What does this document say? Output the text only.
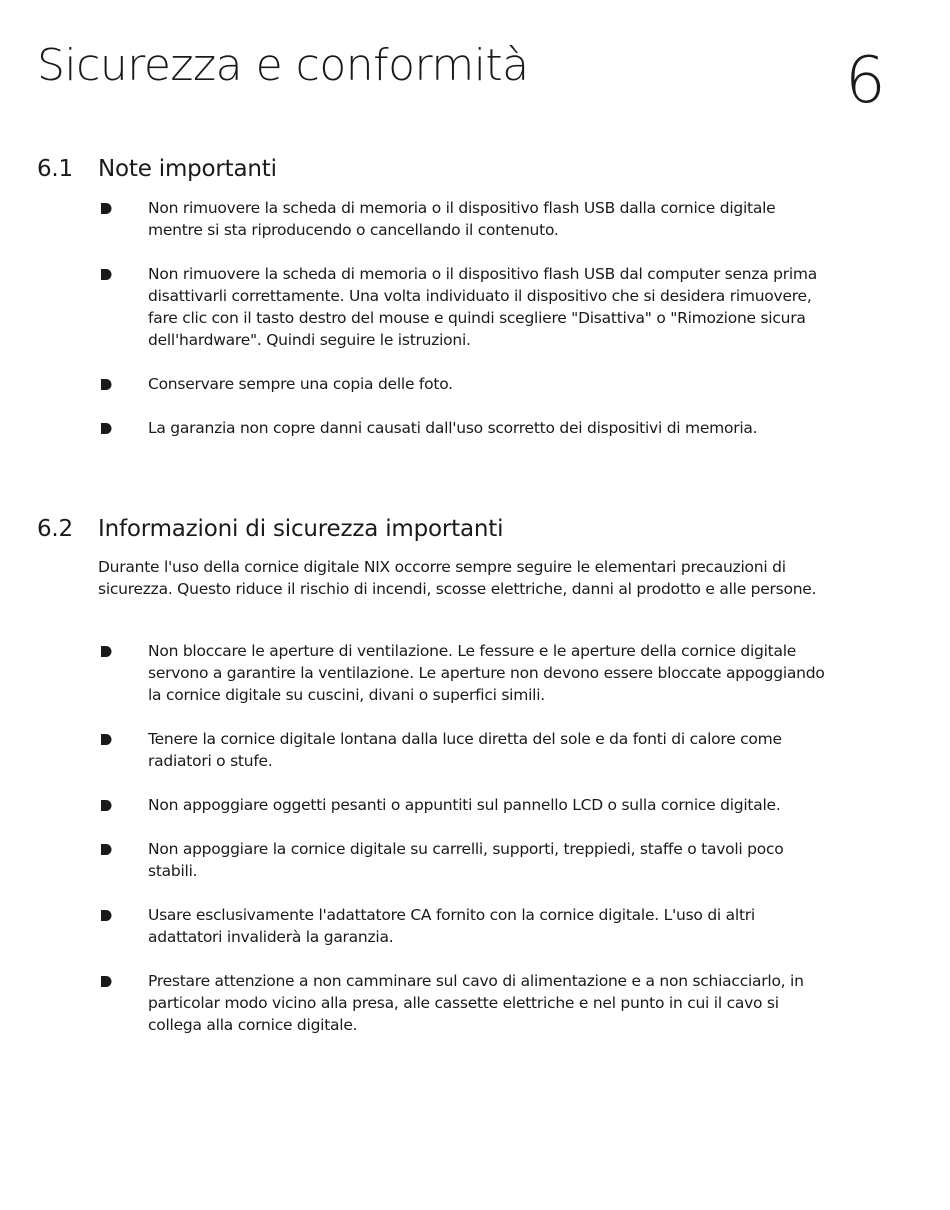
Sicurezza e conformità	6
6.1 Note importanti
Non rimuovere la scheda di memoria o il dispositivo flash USB dalla cornice digitale mentre si sta riproducendo o cancellando il contenuto.
Non rimuovere la scheda di memoria o il dispositivo flash USB dal computer senza prima disattivarli correttamente. Una volta individuato il dispositivo che si desidera rimuovere, fare clic con il tasto destro del mouse e quindi scegliere "Disattiva" o "Rimozione sicura dell'hardware". Quindi seguire le istruzioni.
Conservare sempre una copia delle foto.
La garanzia non copre danni causati dall'uso scorretto dei dispositivi di memoria.
6.2 Informazioni di sicurezza importanti

Durante l'uso della cornice digitale NIX occorre sempre seguire le elementari precauzioni di sicurezza. Questo riduce il rischio di incendi, scosse elettriche, danni al prodotto e alle persone.

Non bloccare le aperture di ventilazione. Le fessure e le aperture della cornice digitale servono a garantire la ventilazione. Le aperture non devono essere bloccate appoggiando la cornice digitale su cuscini, divani o superfici simili.
Tenere la cornice digitale lontana dalla luce diretta del sole e da fonti di calore come radiatori o stufe.
Non appoggiare oggetti pesanti o appuntiti sul pannello LCD o sulla cornice digitale.
Non appoggiare la cornice digitale su carrelli, supporti, treppiedi, staffe o tavoli poco stabili.
Usare esclusivamente l'adattatore CA fornito con la cornice digitale. L'uso di altri adattatori invaliderà la garanzia.
Prestare attenzione a non camminare sul cavo di alimentazione e a non schiacciarlo, in particolar modo vicino alla presa, alle cassette elettriche e nel punto in cui il cavo si collega alla cornice digitale.
